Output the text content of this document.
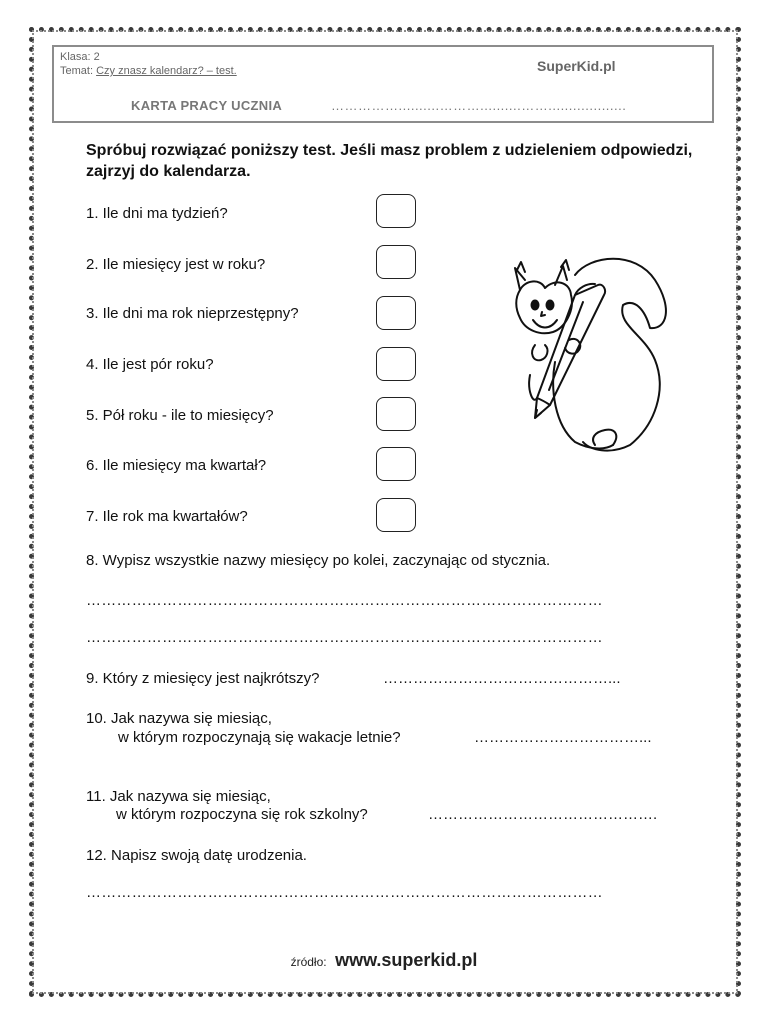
Klasa: 2
Temat: Czy znasz kalendarz? – test.	SuperKid.pl
KARTA PRACY UCZNIA	……………..........………..........……...................
Spróbuj rozwiązać poniższy test. Jeśli masz problem z udzieleniem odpowiedzi, zajrzyj do kalendarza.
1. Ile dni ma tydzień?
2. Ile miesięcy jest w roku?
3. Ile dni ma rok nieprzestępny?
4. Ile jest pór roku?
5. Pół roku - ile to miesięcy?
6. Ile miesięcy ma kwartał?
7. Ile rok ma kwartałów?
8. Wypisz wszystkie nazwy miesięcy po kolei, zaczynając od stycznia.
…………………………………………………………………………………………
…………………………………………………………………………………………
9. Który z miesięcy jest najkrótszy?	………………………………………...
10. Jak nazywa się miesiąc,
w którym rozpoczynają się wakacje letnie?	……………………………...
11. Jak nazywa się miesiąc,
w którym rozpoczyna się rok szkolny?	……………………………………….
12. Napisz swoją datę urodzenia.
…………………………………………………………………………………………
źródło: www.superkid.pl
